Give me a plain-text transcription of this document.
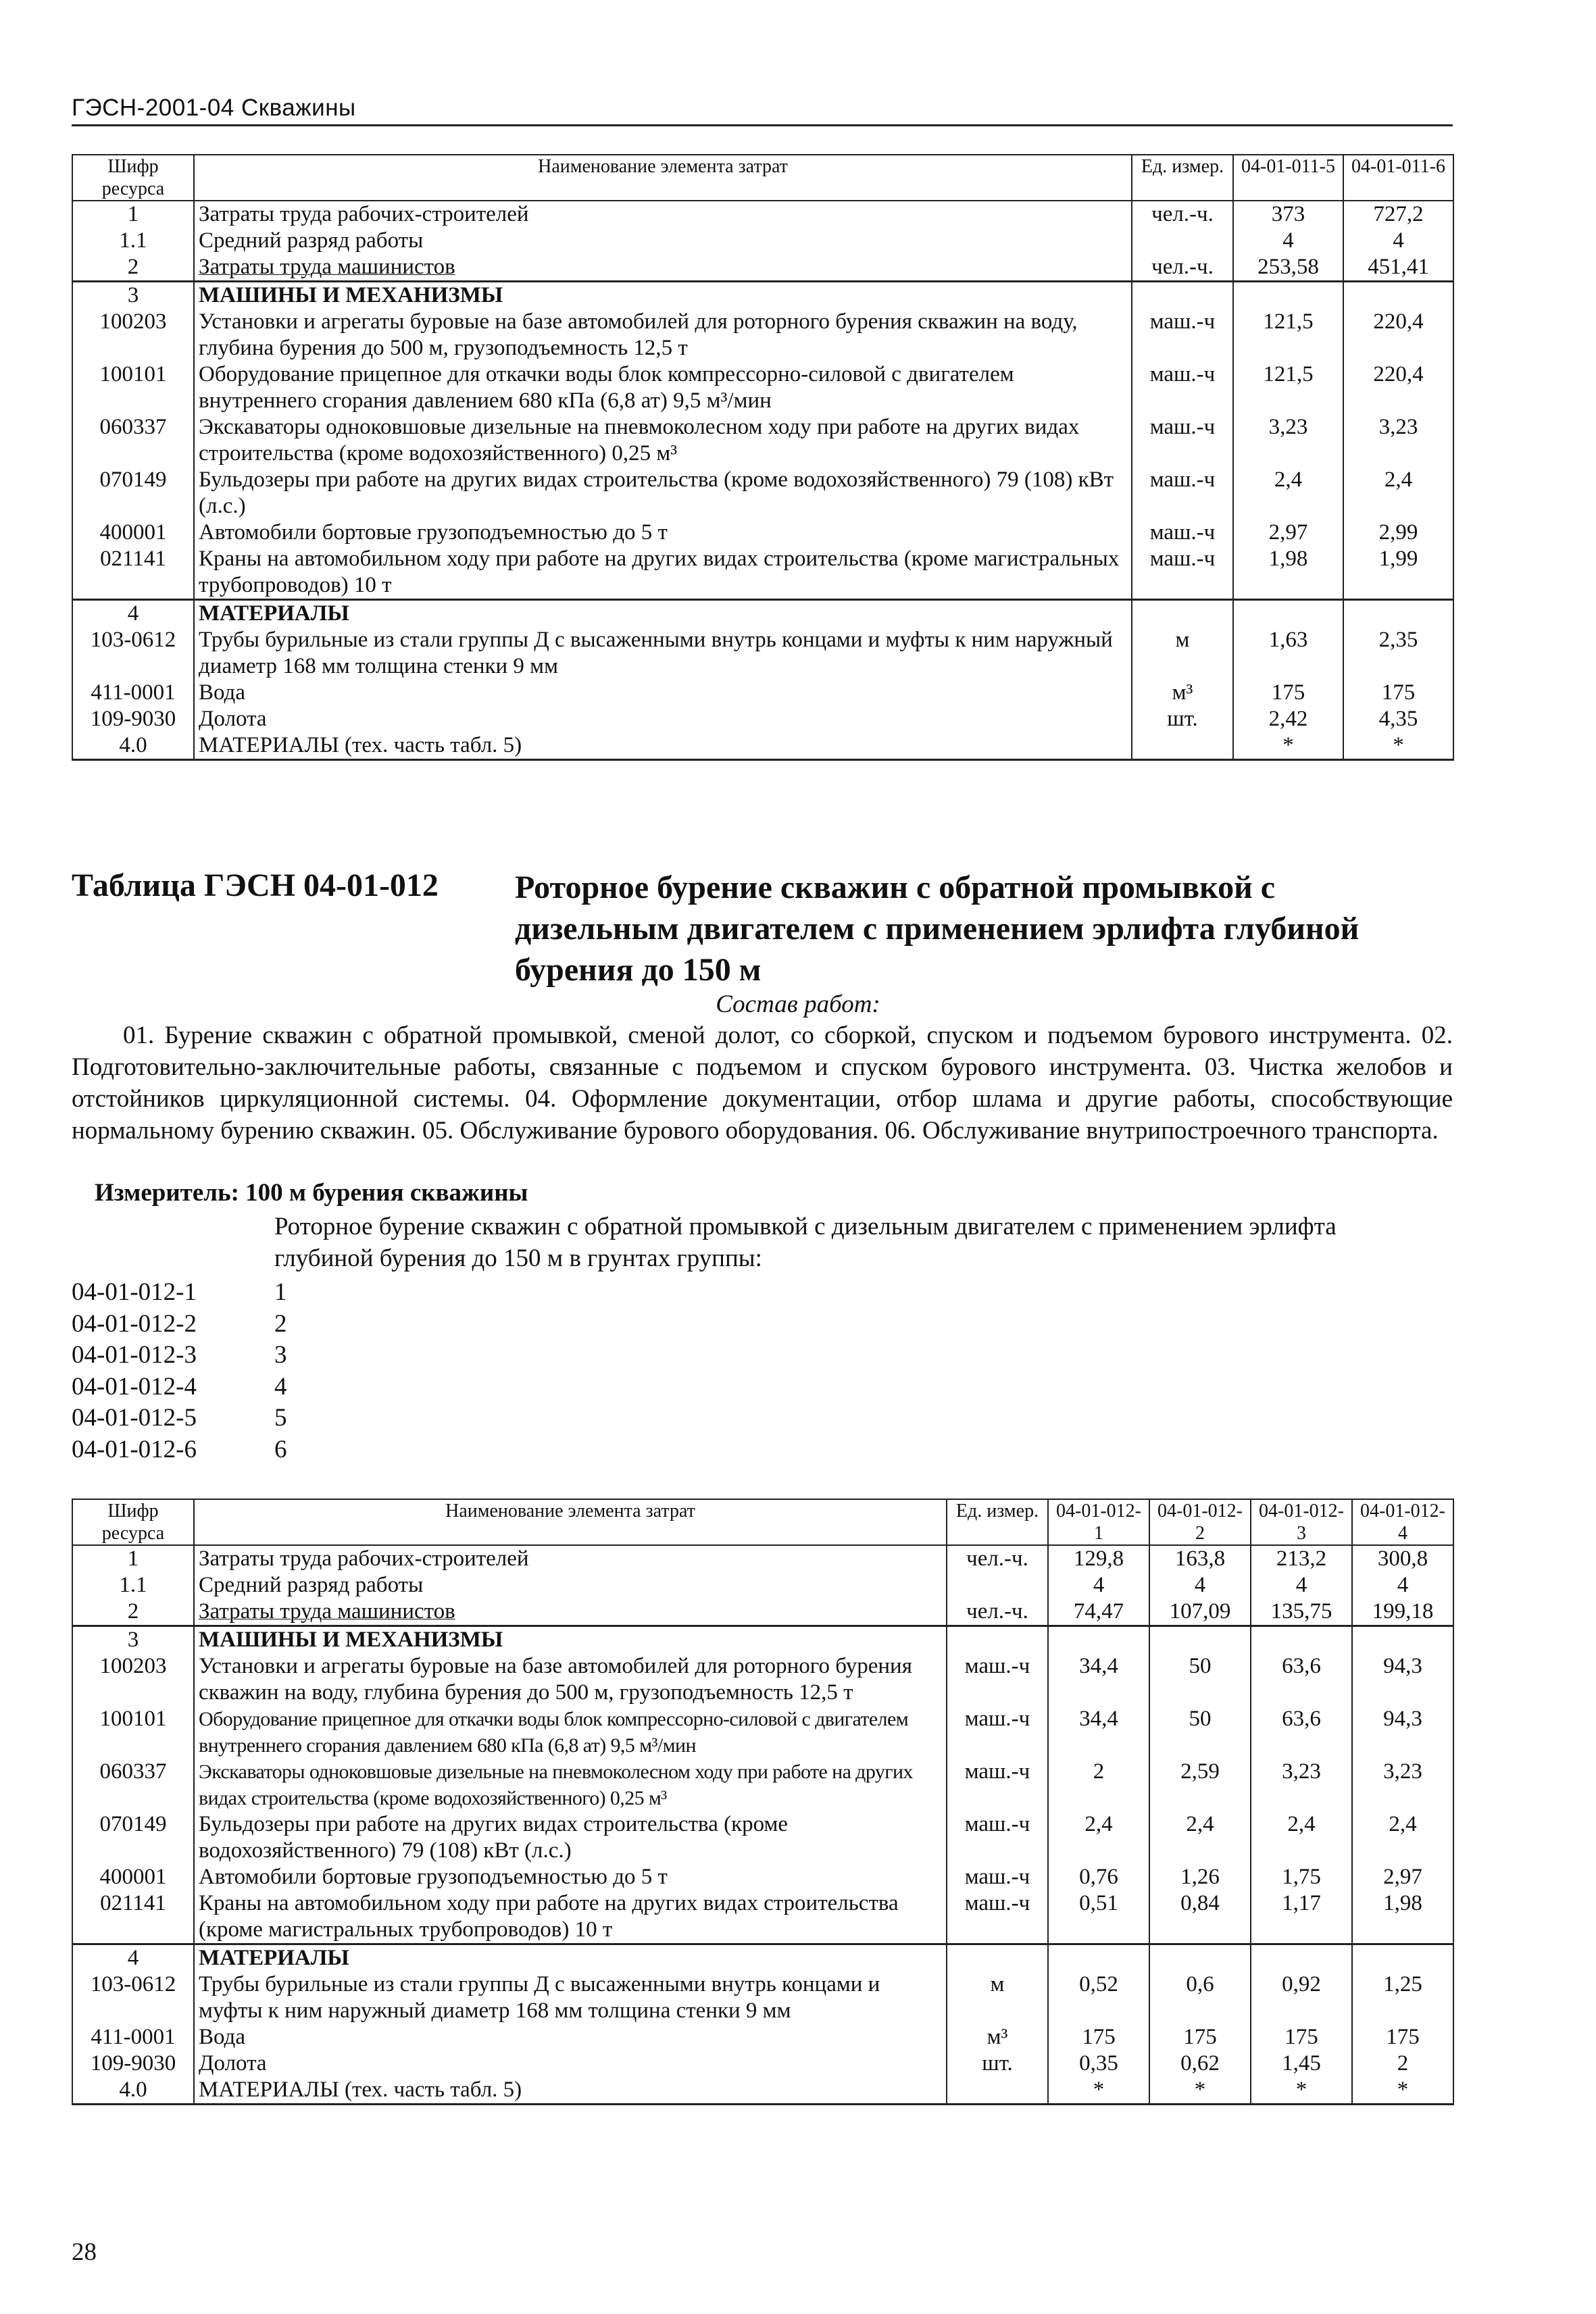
ГЭСН-2001-04 Скважины
Шифр ресурса	Наименование элемента затрат	Ед. измер.	04-01-011-5	04-01-011-6
1	Затраты труда рабочих-строителей	чел.-ч.	373	727,2
1.1	Средний разряд работы		4	4
2	Затраты труда машинистов	чел.-ч.	253,58	451,41
3	МАШИНЫ И МЕХАНИЗМЫ			
100203	Установки и агрегаты буровые на базе автомобилей для роторного бурения скважин на воду, глубина бурения до 500 м, грузоподъемность 12,5 т	маш.-ч	121,5	220,4
100101	Оборудование прицепное для откачки воды блок компрессорно-силовой с двигателем внутреннего сгорания давлением 680 кПа (6,8 ат) 9,5 м³/мин	маш.-ч	121,5	220,4
060337	Экскаваторы одноковшовые дизельные на пневмоколесном ходу при работе на других видах строительства (кроме водохозяйственного) 0,25 м³	маш.-ч	3,23	3,23
070149	Бульдозеры при работе на других видах строительства (кроме водохозяйственного) 79 (108) кВт (л.с.)	маш.-ч	2,4	2,4
400001	Автомобили бортовые грузоподъемностью до 5 т	маш.-ч	2,97	2,99
021141	Краны на автомобильном ходу при работе на других видах строительства (кроме магистральных трубопроводов) 10 т	маш.-ч	1,98	1,99
4	МАТЕРИАЛЫ			
103-0612	Трубы бурильные из стали группы Д с высаженными внутрь концами и муфты к ним наружный диаметр 168 мм толщина стенки 9 мм	м	1,63	2,35
411-0001	Вода	м³	175	175
109-9030	Долота	шт.	2,42	4,35
4.0	МАТЕРИАЛЫ (тех. часть табл. 5)		*	*
Таблица ГЭСН 04-01-012 Роторное бурение скважин с обратной промывкой с дизельным двигателем с применением эрлифта глубиной бурения до 150 м
Состав работ:

01. Бурение скважин с обратной промывкой, сменой долот, со сборкой, спуском и подъемом бурового инструмента. 02. Подготовительно-заключительные работы, связанные с подъемом и спуском бурового инструмента. 03. Чистка желобов и отстойников циркуляционной системы. 04. Оформление документации, отбор шлама и другие работы, способствующие нормальному бурению скважин. 05. Обслуживание бурового оборудования. 06. Обслуживание внутрипостроечного транспорта.

Измеритель: 100 м бурения скважины

Роторное бурение скважин с обратной промывкой с дизельным двигателем с применением эрлифта глубиной бурения до 150 м в грунтах группы:

04-01-012-1	1
04-01-012-2	2
04-01-012-3	3
04-01-012-4	4
04-01-012-5	5
04-01-012-6	6
Шифр ресурса	Наименование элемента затрат	Ед. измер.	04-01-012-1	04-01-012-2	04-01-012-3	04-01-012-4
1	Затраты труда рабочих-строителей	чел.-ч.	129,8	163,8	213,2	300,8
1.1	Средний разряд работы		4	4	4	4
2	Затраты труда машинистов	чел.-ч.	74,47	107,09	135,75	199,18
3	МАШИНЫ И МЕХАНИЗМЫ					
100203	Установки и агрегаты буровые на базе автомобилей для роторного бурения скважин на воду, глубина бурения до 500 м, грузоподъемность 12,5 т	маш.-ч	34,4	50	63,6	94,3
100101	Оборудование прицепное для откачки воды блок компрессорно-силовой с двигателем внутреннего сгорания давлением 680 кПа (6,8 ат) 9,5 м³/мин	маш.-ч	34,4	50	63,6	94,3
060337	Экскаваторы одноковшовые дизельные на пневмоколесном ходу при работе на других видах строительства (кроме водохозяйственного) 0,25 м³	маш.-ч	2	2,59	3,23	3,23
070149	Бульдозеры при работе на других видах строительства (кроме водохозяйственного) 79 (108) кВт (л.с.)	маш.-ч	2,4	2,4	2,4	2,4
400001	Автомобили бортовые грузоподъемностью до 5 т	маш.-ч	0,76	1,26	1,75	2,97
021141	Краны на автомобильном ходу при работе на других видах строительства (кроме магистральных трубопроводов) 10 т	маш.-ч	0,51	0,84	1,17	1,98
4	МАТЕРИАЛЫ					
103-0612	Трубы бурильные из стали группы Д с высаженными внутрь концами и муфты к ним наружный диаметр 168 мм толщина стенки 9 мм	м	0,52	0,6	0,92	1,25
411-0001	Вода	м³	175	175	175	175
109-9030	Долота	шт.	0,35	0,62	1,45	2
4.0	МАТЕРИАЛЫ (тех. часть табл. 5)		*	*	*	*
28
